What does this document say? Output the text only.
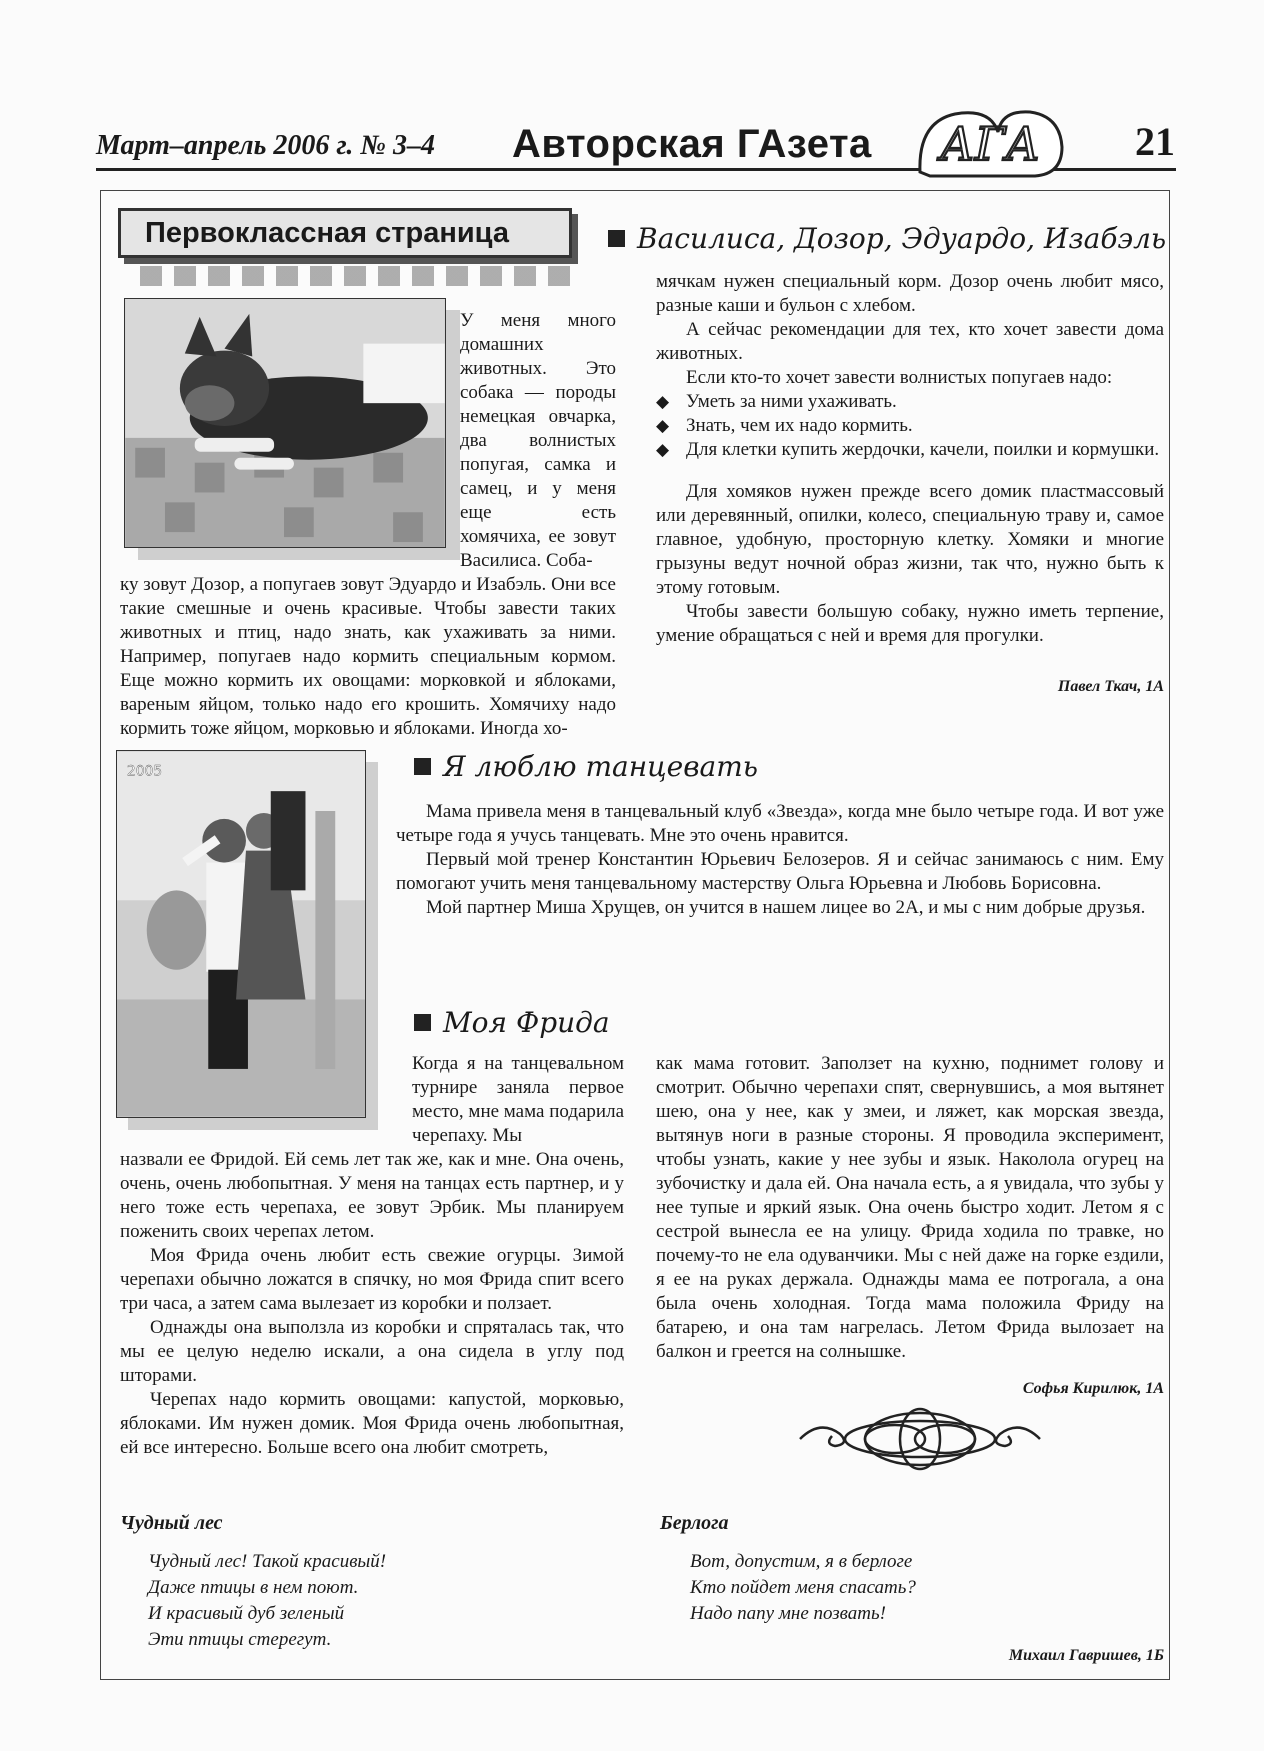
Март–апрель 2006 г. № 3–4 Авторская ГАзета АГА 21
Первоклассная страница	Василиса, Дозор, Эдуардо, Изабэль
У меня много домашних животных. Это собака — породы немецкая овчарка, два волнистых попугая, самка и самец, и у меня еще есть хомячиха, ее зовут Василиса. Соба-
ку зовут Дозор, а попугаев зовут Эдуардо и Изабэль. Они все такие смешные и очень красивые. Чтобы завести таких животных и птиц, надо знать, как ухаживать за ними. Например, попугаев надо кормить специальным кормом. Еще можно кормить их овощами: морковкой и яблоками, вареным яйцом, только надо его крошить. Хомячиху надо кормить тоже яйцом, морковью и яблоками. Иногда хо-

мячкам нужен специальный корм. Дозор очень любит мясо, разные каши и бульон с хлебом.

А сейчас рекомендации для тех, кто хочет завести дома животных.

Если кто-то хочет завести волнистых попугаев надо:

◆ Уметь за ними ухаживать.
◆ Знать, чем их надо кормить.
◆ Для клетки купить жердочки, качели, поилки и кормушки.

Для хомяков нужен прежде всего домик пластмассовый или деревянный, опилки, колесо, специальную траву и, самое главное, удобную, просторную клетку. Хомяки и многие грызуны ведут ночной образ жизни, так что, нужно быть к этому готовым.

Чтобы завести большую собаку, нужно иметь терпение, умение обращаться с ней и время для прогулки.

Павел Ткач, 1А
Я люблю танцевать
2005

Мама привела меня в танцевальный клуб «Звезда», когда мне было четыре года. И вот уже четыре года я учусь танцевать. Мне это очень нравится.

Первый мой тренер Константин Юрьевич Белозеров. Я и сейчас занимаюсь с ним. Ему помогают учить меня танцевальному мастерству Ольга Юрьевна и Любовь Борисовна.

Мой партнер Миша Хрущев, он учится в нашем лицее во 2А, и мы с ним добрые друзья.

Моя Фрида
Когда я на танцевальном турнире заняла первое место, мне мама подарила черепаху. Мы

назвали ее Фридой. Ей семь лет так же, как и мне. Она очень, очень, очень любопытная. У меня на танцах есть партнер, и у него тоже есть черепаха, ее зовут Эрбик. Мы планируем поженить своих черепах летом.

Моя Фрида очень любит есть свежие огурцы. Зимой черепахи обычно ложатся в спячку, но моя Фрида спит всего три часа, а затем сама вылезает из коробки и ползает.

Однажды она выползла из коробки и спряталась так, что мы ее целую неделю искали, а она сидела в углу под шторами.

Черепах надо кормить овощами: капустой, морковью, яблоками. Им нужен домик. Моя Фрида очень любопытная, ей все интересно. Больше всего она любит смотреть,

как мама готовит. Заползет на кухню, поднимет голову и смотрит. Обычно черепахи спят, свернувшись, а моя вытянет шею, она у нее, как у змеи, и ляжет, как морская звезда, вытянув ноги в разные стороны. Я проводила эксперимент, чтобы узнать, какие у нее зубы и язык. Наколола огурец на зубочистку и дала ей. Она начала есть, а я увидала, что зубы у нее тупые и яркий язык. Она очень быстро ходит. Летом я с сестрой вынесла ее на улицу. Фрида ходила по травке, но почему-то не ела одуванчики. Мы с ней даже на горке ездили, я ее на руках держала. Однажды мама ее потрогала, а она была очень холодная. Тогда мама положила Фриду на батарею, и она там нагрелась. Летом Фрида вылозает на балкон и греется на солнышке.
Софья Кирилюк, 1А
Чудный лес
Чудный лес! Такой красивый!
Даже птицы в нем поют.
И красивый дуб зеленый
Эти птицы стерегут.
Берлога
Вот, допустим, я в берлоге
Кто пойдет меня спасать?
Надо папу мне позвать!
Михаил Гавришев, 1Б
